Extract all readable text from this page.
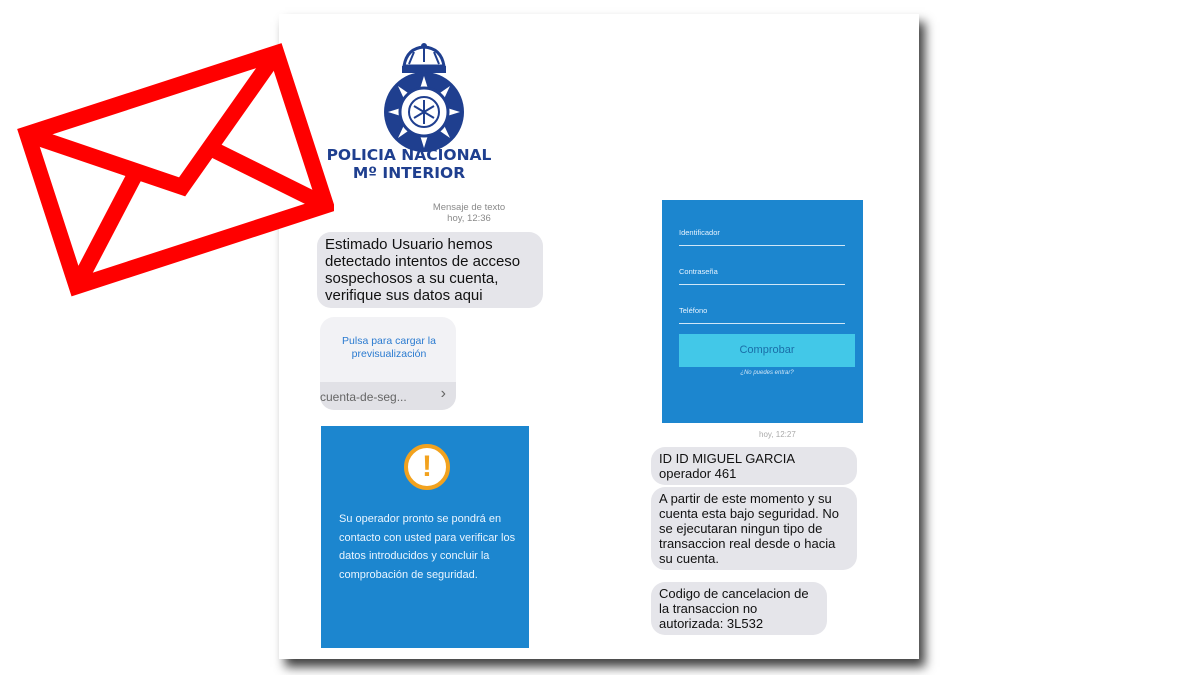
POLICIA NACIONAL
Mº INTERIOR
Mensaje de texto
hoy, 12:36
Estimado Usuario hemos detectado intentos de acceso sospechosos a su cuenta, verifique sus datos aqui
Pulsa para cargar la previsualización
cuenta-de-seg... ›
!
Su operador pronto se pondrá en contacto con usted para verificar los datos introducidos y concluir la comprobación de seguridad.
Identificador
Contraseña
Teléfono
Comprobar
¿No puedes entrar?
hoy, 12:27
ID ID MIGUEL GARCIA operador 461
A partir de este momento y su cuenta esta bajo seguridad. No se ejecutaran ningun tipo de transaccion real desde o hacia su cuenta.
Codigo de cancelacion de la transaccion no autorizada: 3L532
